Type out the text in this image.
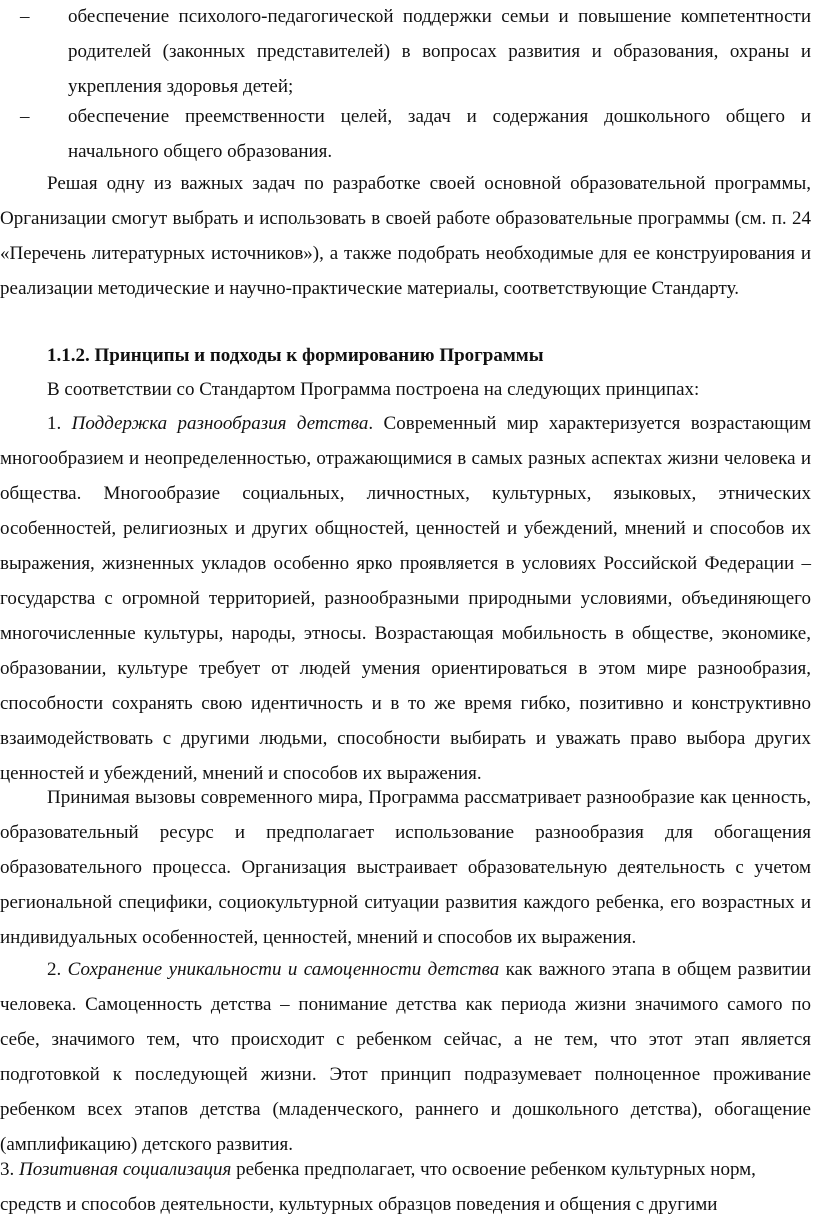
– обеспечение психолого-педагогической поддержки семьи и повышение компетентности родителей (законных представителей) в вопросах развития и образования, охраны и укрепления здоровья детей;
– обеспечение преемственности целей, задач и содержания дошкольного общего и начального общего образования.

Решая одну из важных задач по разработке своей основной образовательной программы, Организации смогут выбрать и использовать в своей работе образовательные программы (см. п. 24 «Перечень литературных источников»), а также подобрать необходимые для ее конструирования и реализации методические и научно-практические материалы, соответствующие Стандарту.

1.1.2. Принципы и подходы к формированию Программы

В соответствии со Стандартом Программа построена на следующих принципах:

1. Поддержка разнообразия детства. Современный мир характеризуется возрастающим многообразием и неопределенностью, отражающимися в самых разных аспектах жизни человека и общества. Многообразие социальных, личностных, культурных, языковых, этнических особенностей, религиозных и других общностей, ценностей и убеждений, мнений и способов их выражения, жизненных укладов особенно ярко проявляется в условиях Российской Федерации – государства с огромной территорией, разнообразными природными условиями, объединяющего многочисленные культуры, народы, этносы. Возрастающая мобильность в обществе, экономике, образовании, культуре требует от людей умения ориентироваться в этом мире разнообразия, способности сохранять свою идентичность и в то же время гибко, позитивно и конструктивно взаимодействовать с другими людьми, способности выбирать и уважать право выбора других ценностей и убеждений, мнений и способов их выражения.

Принимая вызовы современного мира, Программа рассматривает разнообразие как ценность, образовательный ресурс и предполагает использование разнообразия для обогащения образовательного процесса. Организация выстраивает образовательную деятельность с учетом региональной специфики, социокультурной ситуации развития каждого ребенка, его возрастных и индивидуальных особенностей, ценностей, мнений и способов их выражения.

2. Сохранение уникальности и самоценности детства как важного этапа в общем развитии человека. Самоценность детства – понимание детства как периода жизни значимого самого по себе, значимого тем, что происходит с ребенком сейчас, а не тем, что этот этап является подготовкой к последующей жизни. Этот принцип подразумевает полноценное проживание ребенком всех этапов детства (младенческого, раннего и дошкольного детства), обогащение (амплификацию) детского развития.

3. Позитивная социализация ребенка предполагает, что освоение ребенком культурных норм,
средств и способов деятельности, культурных образцов поведения и общения с другими
